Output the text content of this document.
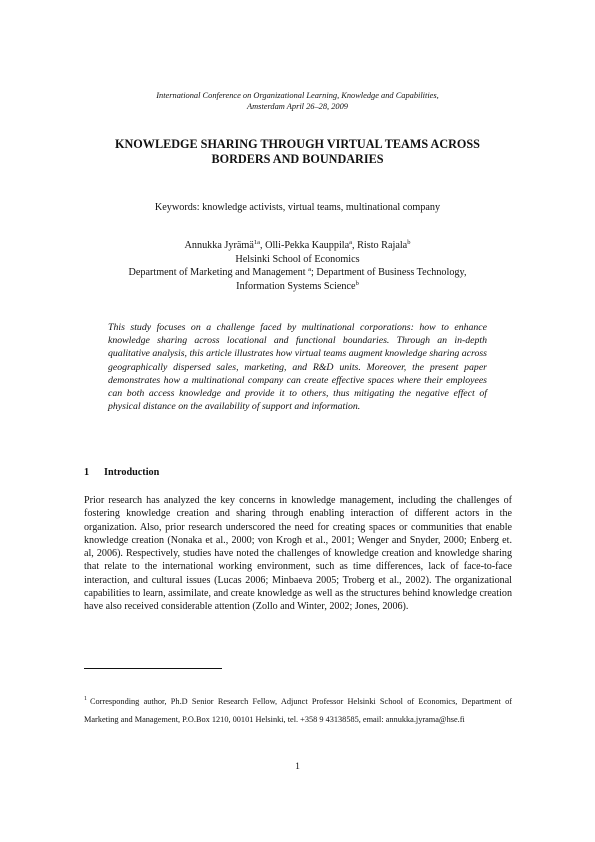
International Conference on Organizational Learning, Knowledge and Capabilities,
Amsterdam April 26–28, 2009
KNOWLEDGE SHARING THROUGH VIRTUAL TEAMS ACROSS
BORDERS AND BOUNDARIES
Keywords: knowledge activists, virtual teams, multinational company
Annukka Jyrämä$^{1a}$, Olli-Pekka Kauppila$^a$, Risto Rajala$^b$
Helsinki School of Economics
Department of Marketing and Management $^a$; Department of Business Technology,
Information Systems Science$^b$
This study focuses on a challenge faced by multinational corporations: how to enhance knowledge sharing across locational and functional boundaries. Through an in-depth qualitative analysis, this article illustrates how virtual teams augment knowledge sharing across geographically dispersed sales, marketing, and R&D units. Moreover, the present paper demonstrates how a multinational company can create effective spaces where their employees can both access knowledge and provide it to others, thus mitigating the negative effect of physical distance on the availability of support and information.
1 Introduction
Prior research has analyzed the key concerns in knowledge management, including the challenges of fostering knowledge creation and sharing through enabling interaction of different actors in the organization. Also, prior research underscored the need for creating spaces or communities that enable knowledge creation (Nonaka et al., 2000; von Krogh et al., 2001; Wenger and Snyder, 2000; Enberg et. al, 2006). Respectively, studies have noted the challenges of knowledge creation and knowledge sharing that relate to the international working environment, such as time differences, lack of face-to-face interaction, and cultural issues (Lucas 2006; Minbaeva 2005; Troberg et al., 2002). The organizational capabilities to learn, assimilate, and create knowledge as well as the structures behind knowledge creation have also received considerable attention (Zollo and Winter, 2002; Jones, 2006).
$^1$ Corresponding author, Ph.D Senior Research Fellow, Adjunct Professor Helsinki School of Economics, Department of Marketing and Management, P.O.Box 1210, 00101 Helsinki, tel. +358 9 43138585, email: annukka.jyrama@hse.fi
1
